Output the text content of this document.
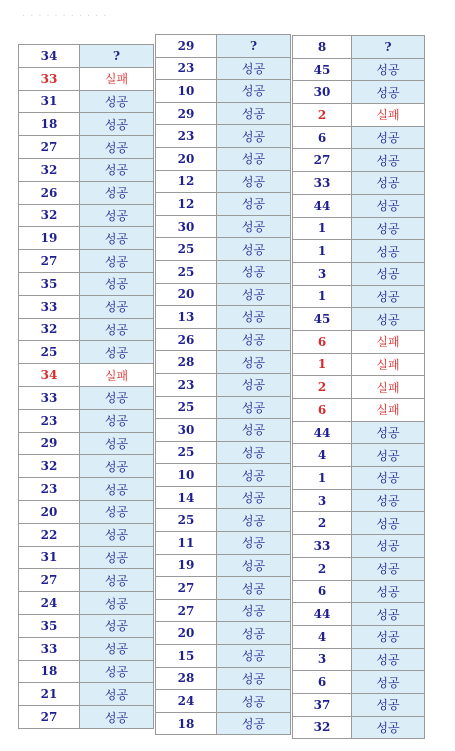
· · · · · · · · · · ·
34	?
33	실패
31	성공
18	성공
27	성공
32	성공
26	성공
32	성공
19	성공
27	성공
35	성공
33	성공
32	성공
25	성공
34	실패
33	성공
23	성공
29	성공
32	성공
23	성공
20	성공
22	성공
31	성공
27	성공
24	성공
35	성공
33	성공
18	성공
21	성공
27	성공
29	?
23	성공
10	성공
29	성공
23	성공
20	성공
12	성공
12	성공
30	성공
25	성공
25	성공
20	성공
13	성공
26	성공
28	성공
23	성공
25	성공
30	성공
25	성공
10	성공
14	성공
25	성공
11	성공
19	성공
27	성공
27	성공
20	성공
15	성공
28	성공
24	성공
18	성공
8	?
45	성공
30	성공
2	실패
6	성공
27	성공
33	성공
44	성공
1	성공
1	성공
3	성공
1	성공
45	성공
6	실패
1	실패
2	실패
6	실패
44	성공
4	성공
1	성공
3	성공
2	성공
33	성공
2	성공
6	성공
44	성공
4	성공
3	성공
6	성공
37	성공
32	성공
